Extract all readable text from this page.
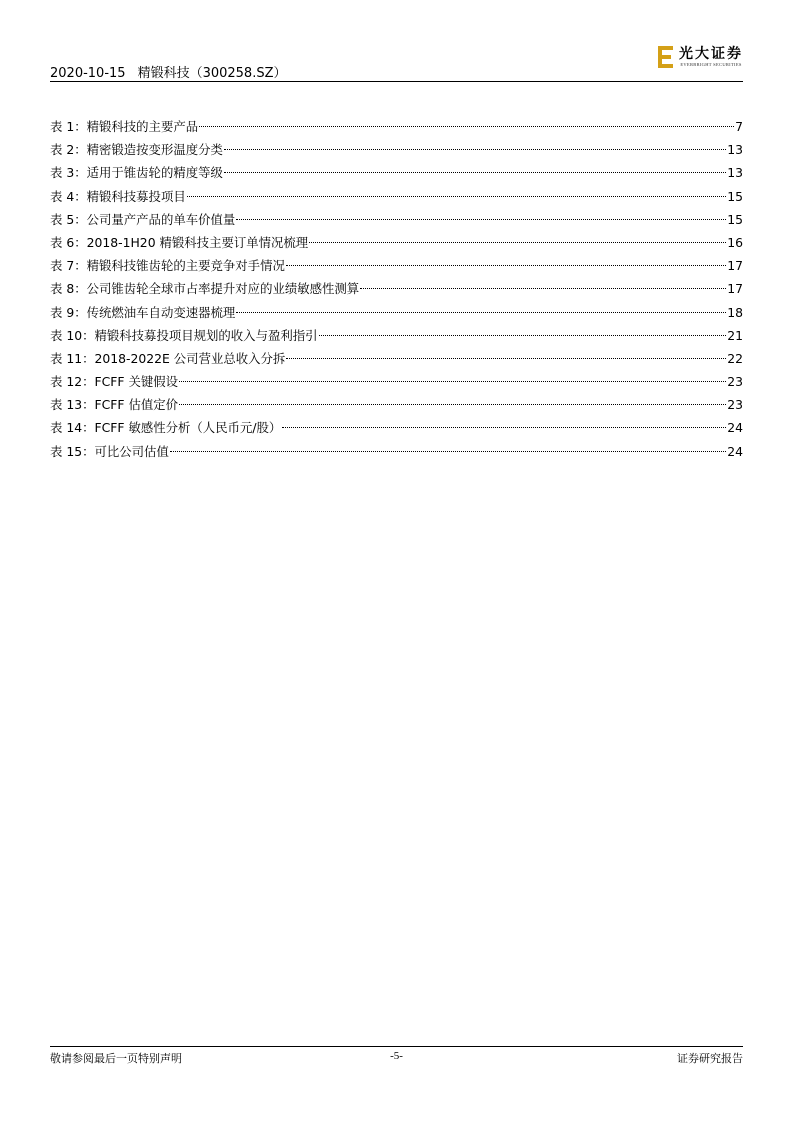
2020-10-15 精锻科技（300258.SZ）
光大证券
EVERBRIGHT SECURITIES
表 1：精锻科技的主要产品	7
表 2：精密锻造按变形温度分类	13
表 3：适用于锥齿轮的精度等级	13
表 4：精锻科技募投项目	15
表 5：公司量产产品的单车价值量	15
表 6：2018-1H20 精锻科技主要订单情况梳理	16
表 7：精锻科技锥齿轮的主要竞争对手情况	17
表 8：公司锥齿轮全球市占率提升对应的业绩敏感性测算	17
表 9：传统燃油车自动变速器梳理	18
表 10：精锻科技募投项目规划的收入与盈利指引	21
表 11：2018-2022E 公司营业总收入分拆	22
表 12：FCFF 关键假设	23
表 13：FCFF 估值定价	23
表 14：FCFF 敏感性分析（人民币元/股）	24
表 15：可比公司估值	24
敬请参阅最后一页特别声明	-5-	证券研究报告
